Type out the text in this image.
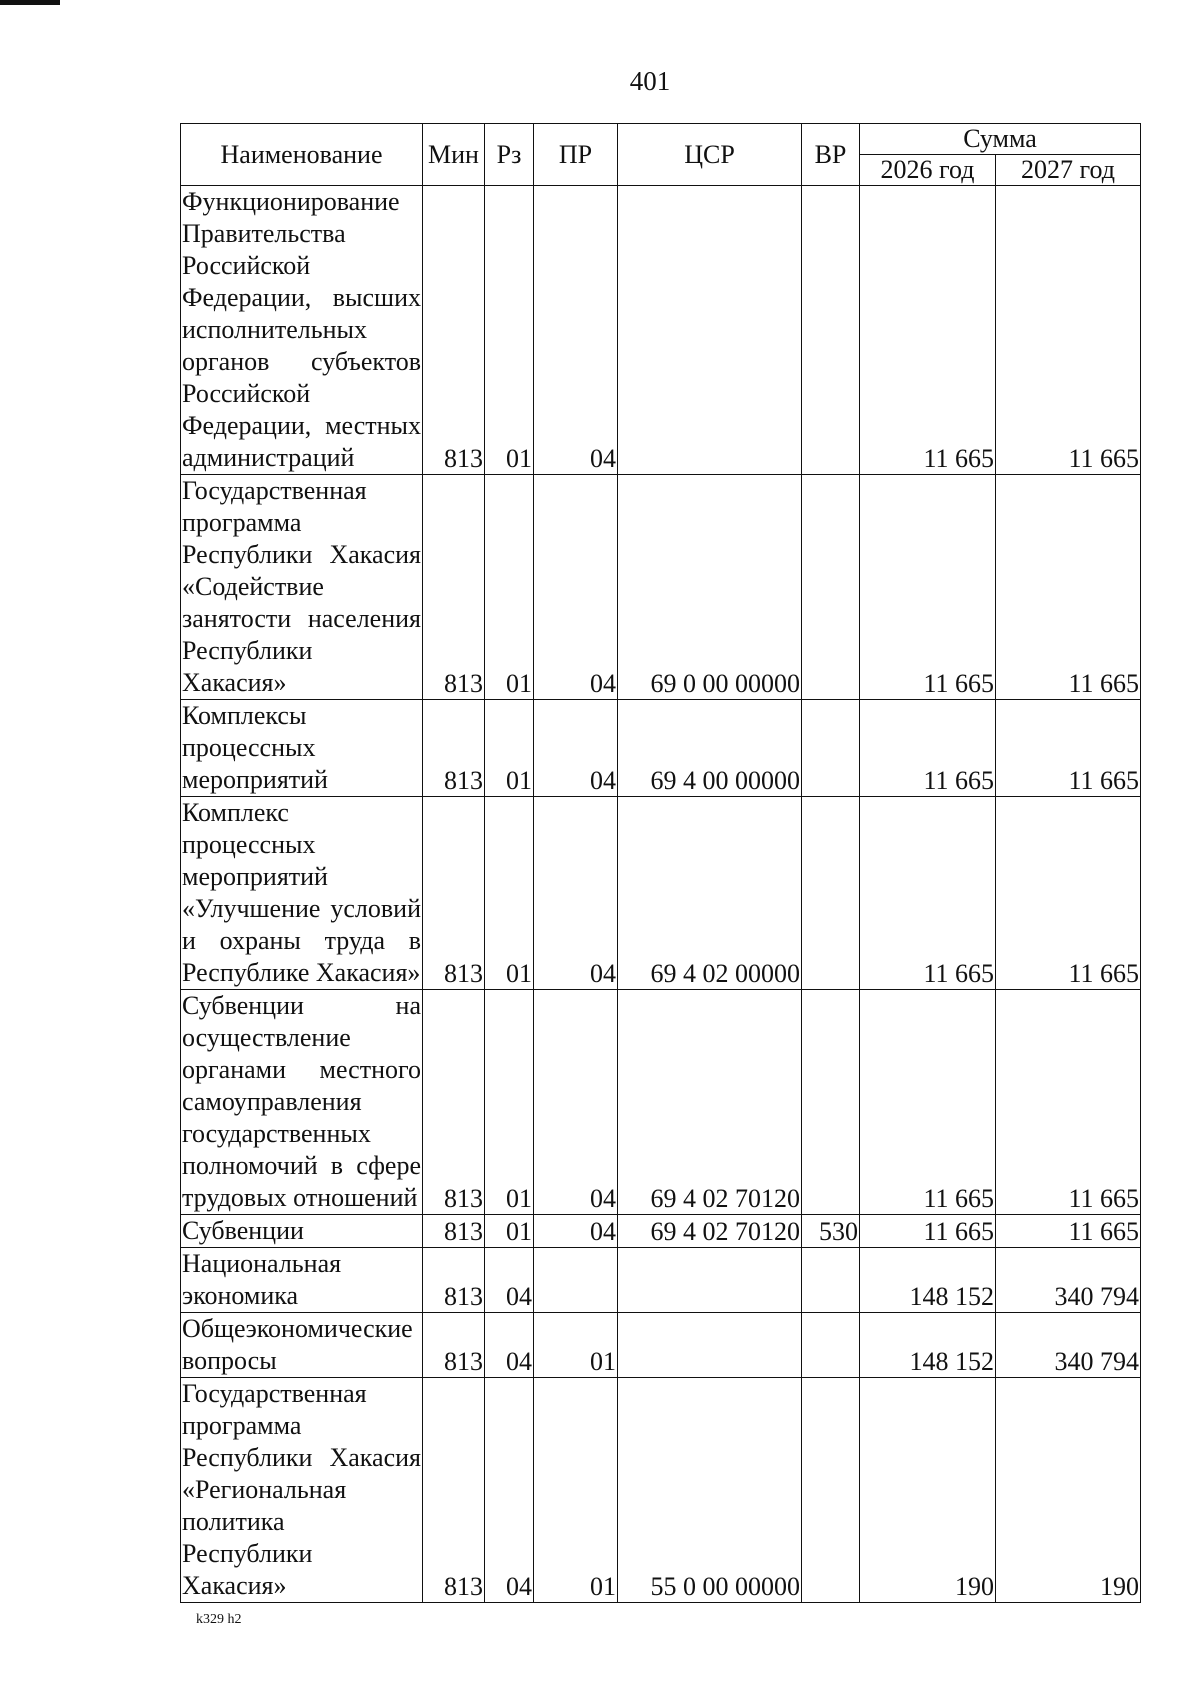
401
Наименование	Мин	Рз	ПР	ЦСР	ВР	Сумма	
						2026 год	2027 год
Функционирование Правительства Российской Федерации, высших исполнительных органов субъектов Российской Федерации, местных администраций	813	01	04			11 665	11 665
Государственная программа Республики Хакасия «Содействие занятости населения Республики Хакасия»	813	01	04	69 0 00 00000		11 665	11 665
Комплексы процессных мероприятий	813	01	04	69 4 00 00000		11 665	11 665
Комплекс процессных мероприятий «Улучшение условий и охраны труда в Республике Хакасия»	813	01	04	69 4 02 00000		11 665	11 665
Субвенции на осуществление органами местного самоуправления государственных полномочий в сфере трудовых отношений	813	01	04	69 4 02 70120		11 665	11 665
Субвенции	813	01	04	69 4 02 70120	530	11 665	11 665
Национальная экономика	813	04				148 152	340 794
Общеэкономические вопросы	813	04	01			148 152	340 794
Государственная программа Республики Хакасия «Региональная политика Республики Хакасия»	813	04	01	55 0 00 00000		190	190
k329 h2
